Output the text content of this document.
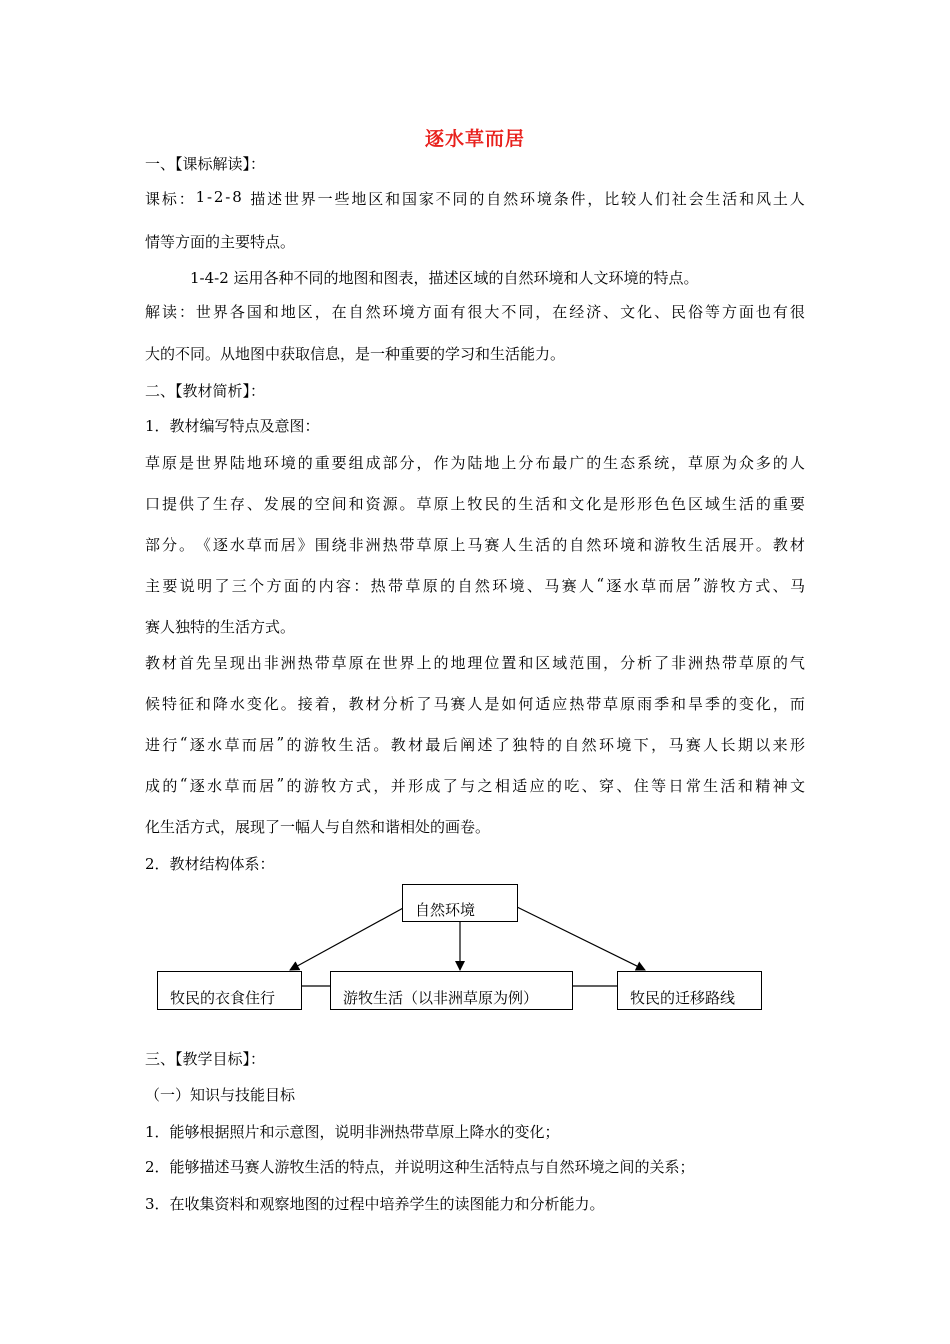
逐水草而居
一、【课标解读】：
课 标 ： 1 - 2 - 8
描 述 世 界 一 些 地 区 和 国 家 不 同 的 自 然 环 境 条 件 ， 比 较 人 们 社 会 生 活 和 风 土 人
情等方面的主要特点。
1-4-2 运用各种不同的地图和图表，描述区域的自然环境和人文环境的特点。
解 读 ： 世 界 各 国 和 地 区 ， 在 自 然 环 境 方 面 有 很 大 不 同 ， 在 经 济 、 文 化 、 民 俗 等 方 面 也 有 很
大的不同。从地图中获取信息，是一种重要的学习和生活能力。
二、【教材简析】：
1．教材编写特点及意图：
草 原 是 世 界 陆 地 环 境 的 重 要 组 成 部 分 ， 作 为 陆 地 上 分 布 最 广 的 生 态 系 统 ， 草 原 为 众 多 的 人
口 提 供 了 生 存 、 发 展 的 空 间 和 资 源 。 草 原 上 牧 民 的 生 活 和 文 化 是 形 形 色 色 区 域 生 活 的 重 要
部 分 。 《 逐 水 草 而 居 》 围 绕 非 洲 热 带 草 原 上 马 赛 人 生 活 的 自 然 环 境 和 游 牧 生 活 展 开 。 教 材
主 要 说 明 了 三 个 方 面 的 内 容 ： 热 带 草 原 的 自 然 环 境 、 马 赛 人 “ 逐 水 草 而 居 ” 游 牧 方 式 、 马
赛人独特的生活方式。
教 材 首 先 呈 现 出 非 洲 热 带 草 原 在 世 界 上 的 地 理 位 置 和 区 域 范 围 ， 分 析 了 非 洲 热 带 草 原 的 气
候 特 征 和 降 水 变 化 。 接 着 ， 教 材 分 析 了 马 赛 人 是 如 何 适 应 热 带 草 原 雨 季 和 旱 季 的 变 化 ， 而
进 行 “ 逐 水 草 而 居 ” 的 游 牧 生 活 。 教 材 最 后 阐 述 了 独 特 的 自 然 环 境 下 ， 马 赛 人 长 期 以 来 形
成 的 “ 逐 水 草 而 居 ” 的 游 牧 方 式 ， 并 形 成 了 与 之 相 适 应 的 吃 、 穿 、 住 等 日 常 生 活 和 精 神 文
化生活方式，展现了一幅人与自然和谐相处的画卷。
2．教材结构体系：
自然环境
牧民的衣食住行	游牧生活（以非洲草原为例）	牧民的迁移路线
三、【教学目标】：
（一）知识与技能目标
1．能够根据照片和示意图，说明非洲热带草原上降水的变化；
2．能够描述马赛人游牧生活的特点，并说明这种生活特点与自然环境之间的关系；
3．在收集资料和观察地图的过程中培养学生的读图能力和分析能力。
